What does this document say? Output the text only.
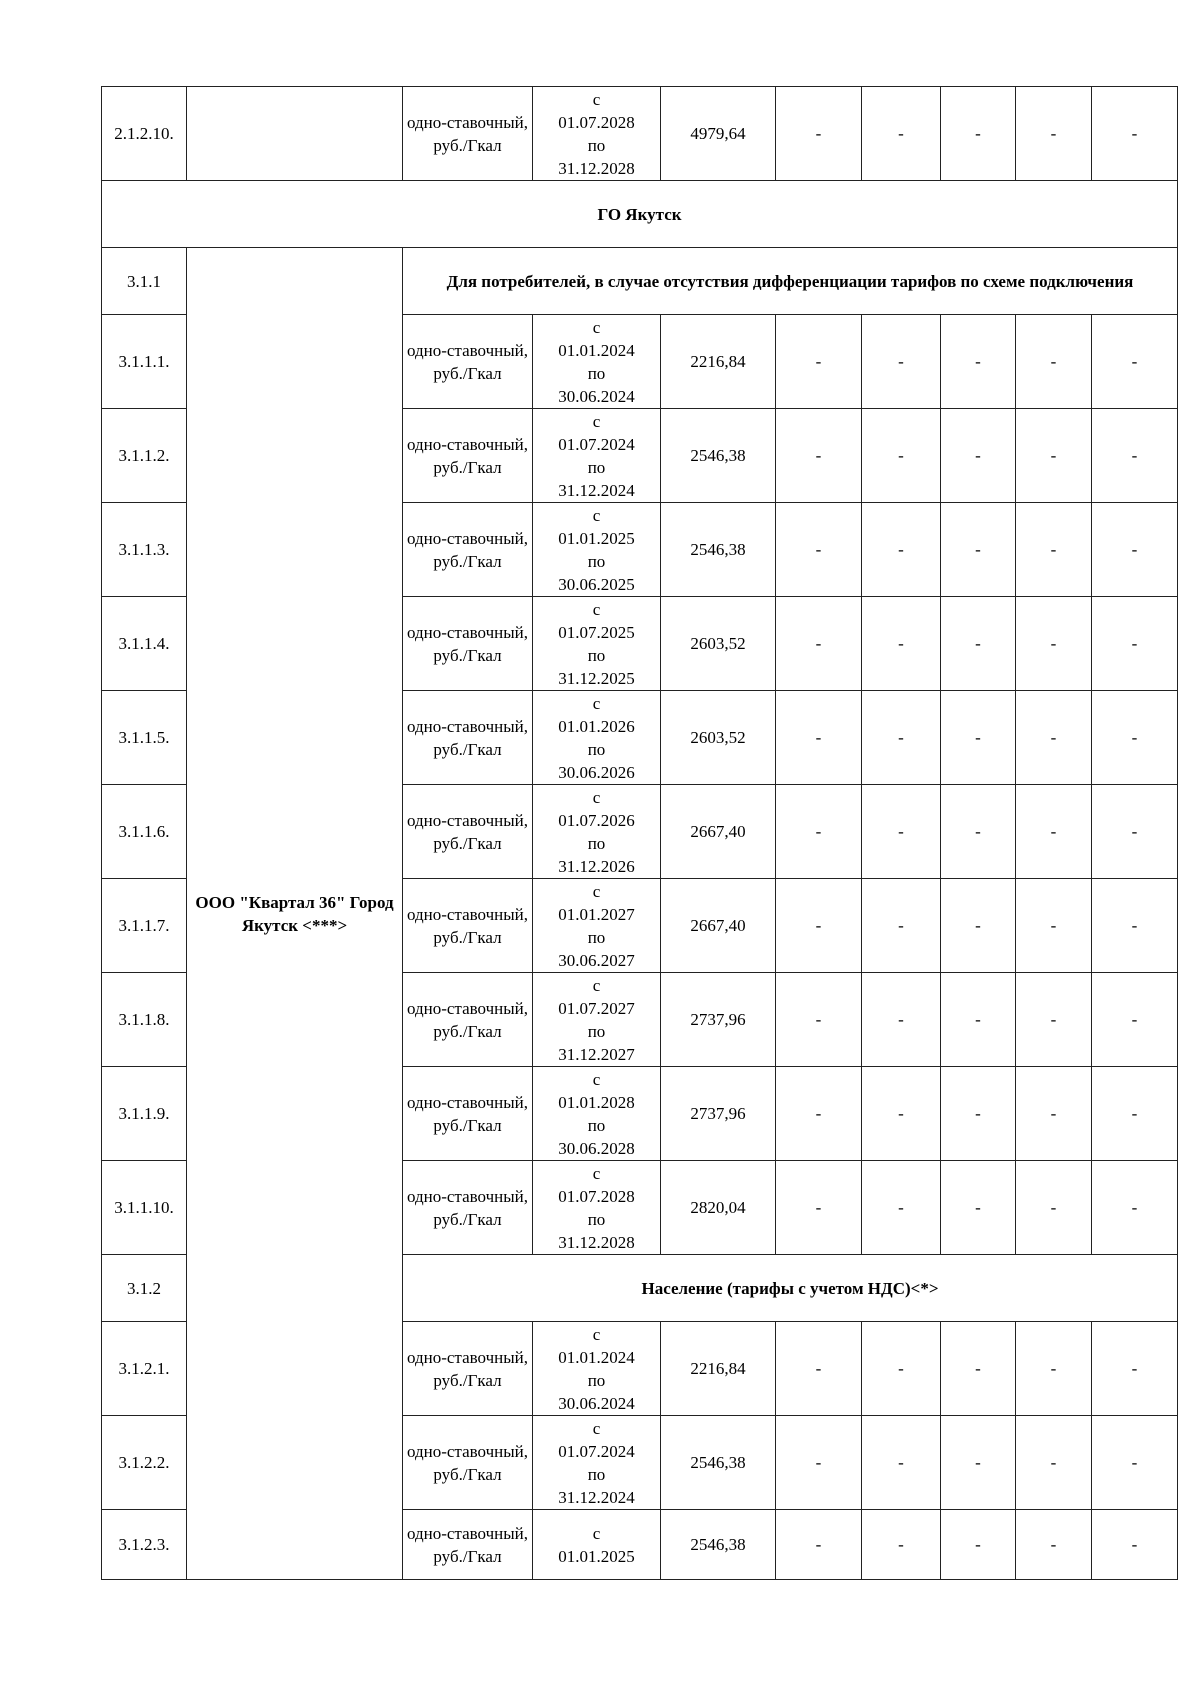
2.1.2.10.		одно-ставочный, руб./Гкал	с
01.07.2028
по
31.12.2028	4979,64	-	-	-	-	-
ГО Якутск									
3.1.1	ООО "Квартал 36" Город Якутск <***>	Для потребителей, в случае отсутствия дифференциации тарифов по схеме подключения							
3.1.1.1.		одно-ставочный, руб./Гкал	с
01.01.2024
по
30.06.2024	2216,84	-	-	-	-	-
3.1.1.2.		одно-ставочный, руб./Гкал	с
01.07.2024
по
31.12.2024	2546,38	-	-	-	-	-
3.1.1.3.		одно-ставочный, руб./Гкал	с
01.01.2025
по
30.06.2025	2546,38	-	-	-	-	-
3.1.1.4.		одно-ставочный, руб./Гкал	с
01.07.2025
по
31.12.2025	2603,52	-	-	-	-	-
3.1.1.5.		одно-ставочный, руб./Гкал	с
01.01.2026
по
30.06.2026	2603,52	-	-	-	-	-
3.1.1.6.		одно-ставочный, руб./Гкал	с
01.07.2026
по
31.12.2026	2667,40	-	-	-	-	-
3.1.1.7.		одно-ставочный, руб./Гкал	с
01.01.2027
по
30.06.2027	2667,40	-	-	-	-	-
3.1.1.8.		одно-ставочный, руб./Гкал	с
01.07.2027
по
31.12.2027	2737,96	-	-	-	-	-
3.1.1.9.		одно-ставочный, руб./Гкал	с
01.01.2028
по
30.06.2028	2737,96	-	-	-	-	-
3.1.1.10.		одно-ставочный, руб./Гкал	с
01.07.2028
по
31.12.2028	2820,04	-	-	-	-	-
3.1.2		Население (тарифы с учетом НДС)<*>							
3.1.2.1.		одно-ставочный, руб./Гкал	с
01.01.2024
по
30.06.2024	2216,84	-	-	-	-	-
3.1.2.2.		одно-ставочный, руб./Гкал	с
01.07.2024
по
31.12.2024	2546,38	-	-	-	-	-
3.1.2.3.		одно-ставочный, руб./Гкал	с
01.01.2025	2546,38	-	-	-	-	-
